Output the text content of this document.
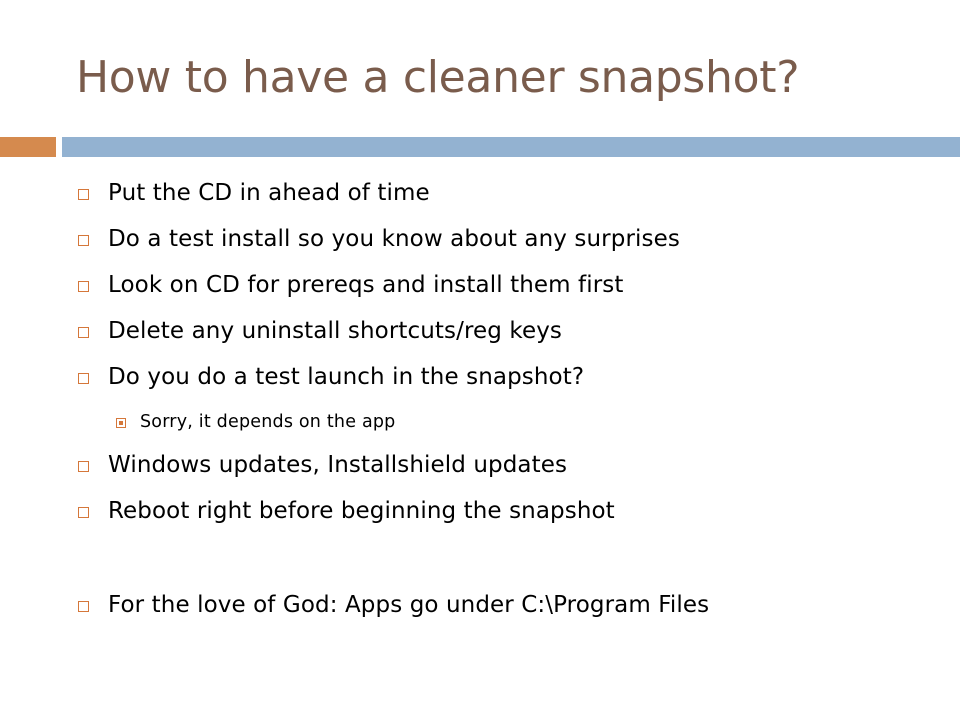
How to have a cleaner snapshot?
Put the CD in ahead of time
Do a test install so you know about any surprises
Look on CD for prereqs and install them first
Delete any uninstall shortcuts/reg keys
Do you do a test launch in the snapshot?
Sorry, it depends on the app
Windows updates, Installshield updates
Reboot right before beginning the snapshot
For the love of God: Apps go under C:\Program Files
